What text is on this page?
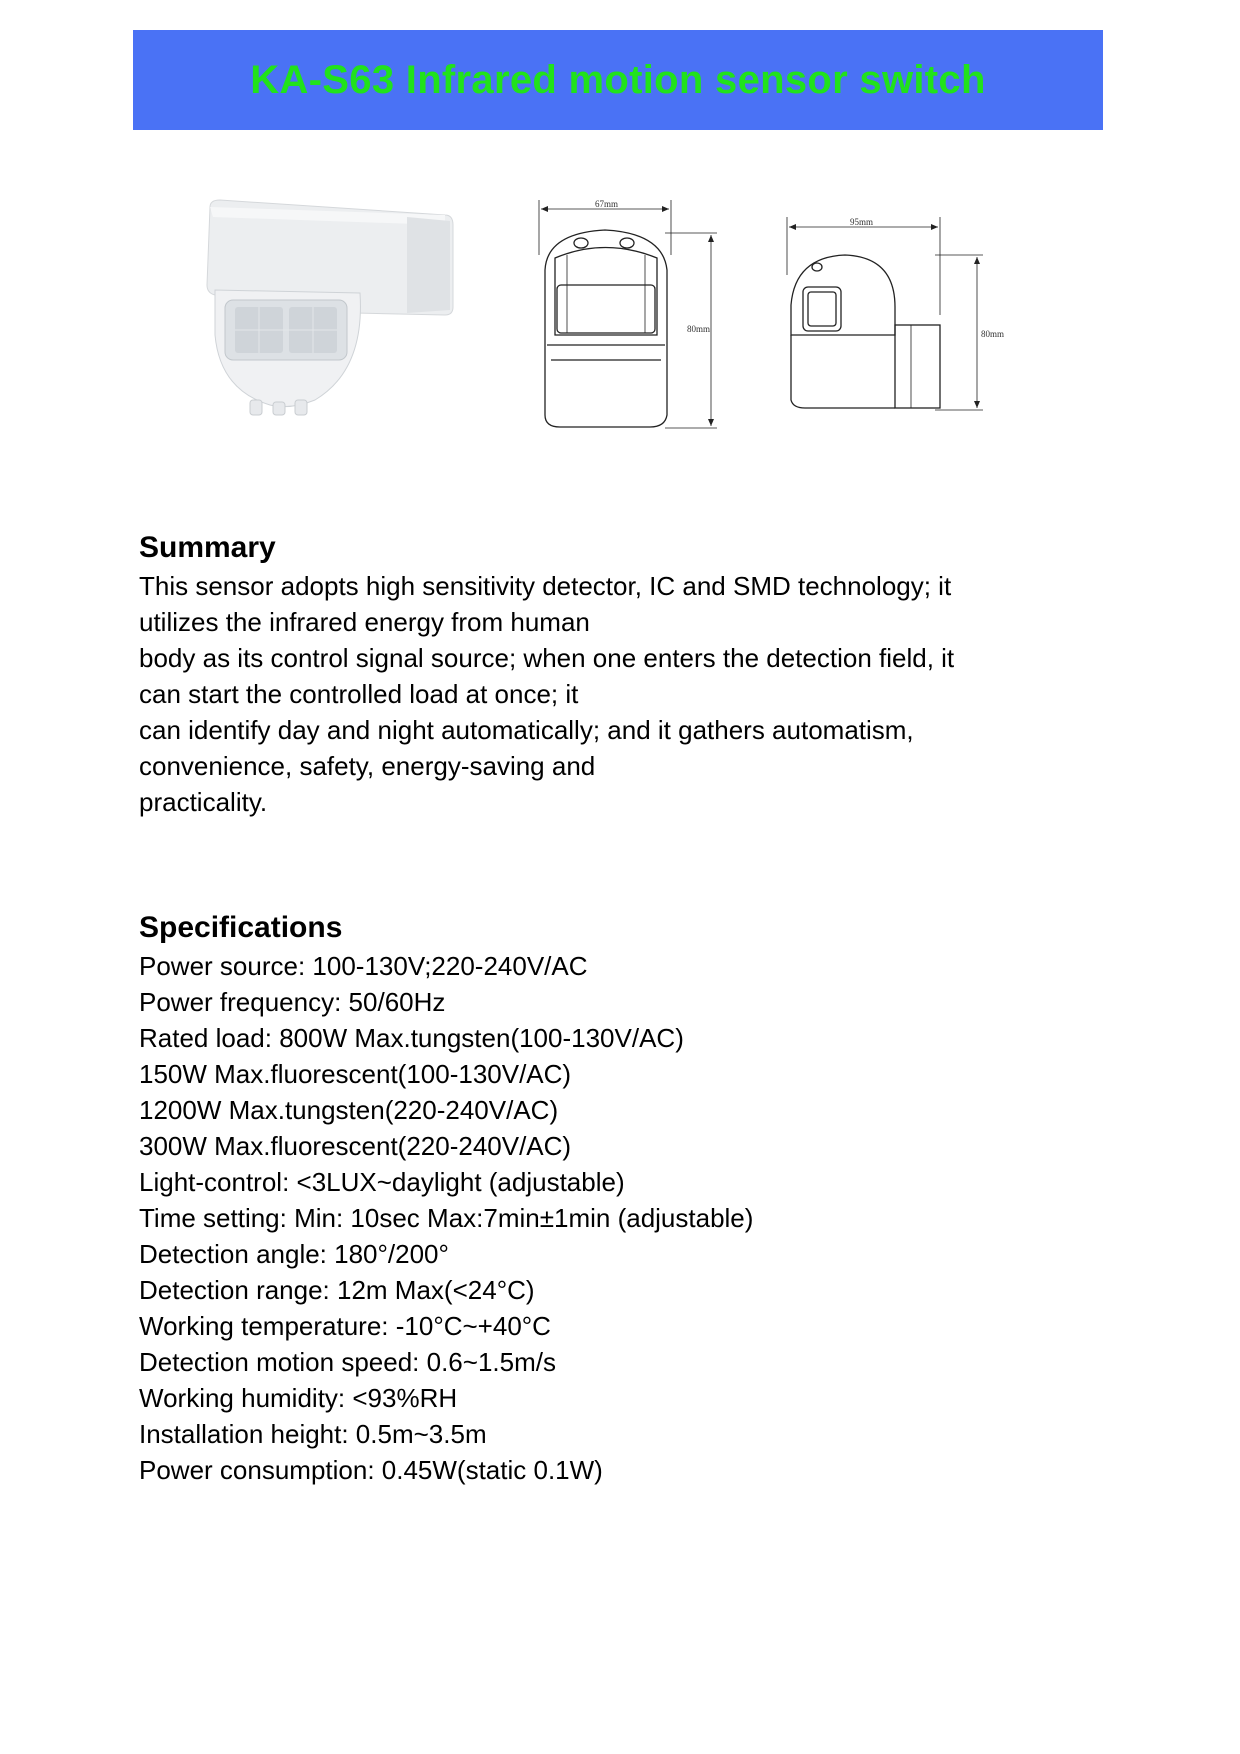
KA-S63 Infrared motion sensor switch
67mm
80mm
95mm
80mm
Summary

This sensor adopts high sensitivity detector, IC and SMD technology; it

utilizes the infrared energy from human

body as its control signal source; when one enters the detection field, it

can start the controlled load at once; it

can identify day and night automatically; and it gathers automatism,

convenience, safety, energy-saving and

practicality.

Specifications

Power source: 100-130V;220-240V/AC

Power frequency: 50/60Hz

Rated load: 800W Max.tungsten(100-130V/AC)

150W Max.fluorescent(100-130V/AC)

1200W Max.tungsten(220-240V/AC)

300W Max.fluorescent(220-240V/AC)

Light-control: <3LUX~daylight (adjustable)

Time setting: Min: 10sec Max:7min±1min (adjustable)

Detection angle: 180°/200°

Detection range: 12m Max(<24°C)

Working temperature: -10°C~+40°C

Detection motion speed: 0.6~1.5m/s

Working humidity: <93%RH

Installation height: 0.5m~3.5m

Power consumption: 0.45W(static 0.1W)
